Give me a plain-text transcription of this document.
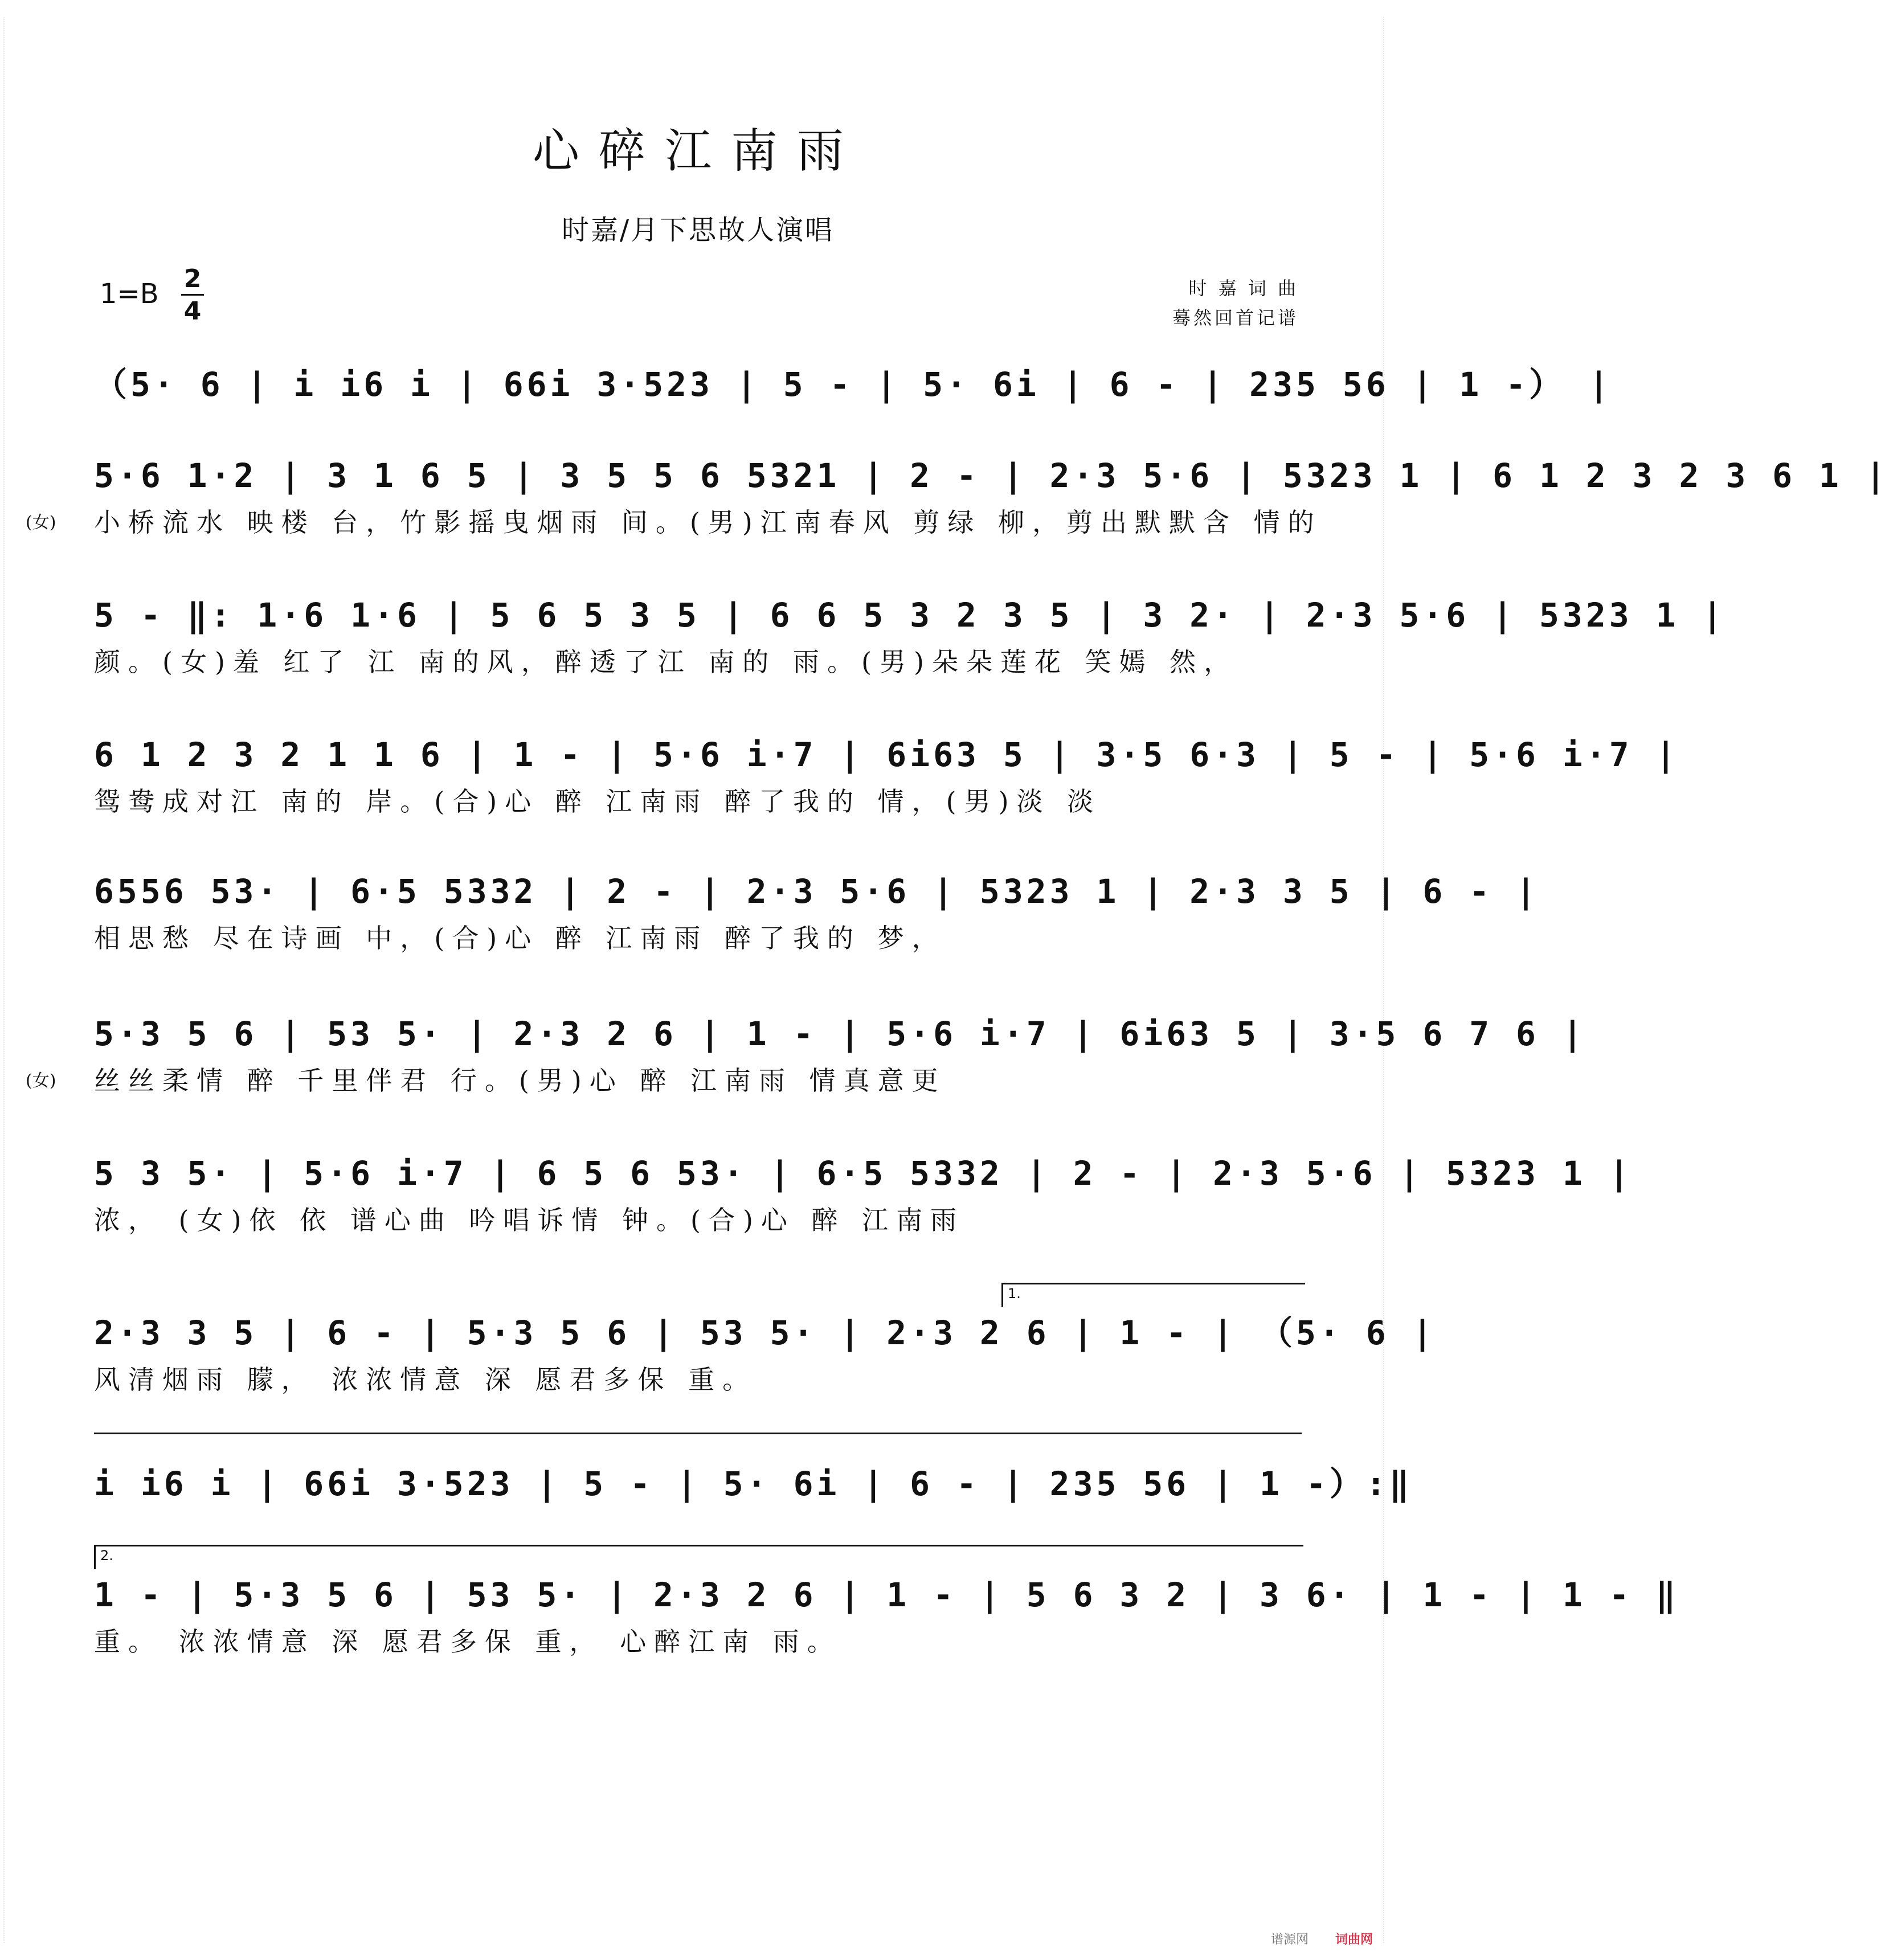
心碎江南雨
时嘉/月下思故人演唱
$1=B \frac{2}{4}$	时 嘉 词 曲
蓦然回首记谱
（5· 6 | i i6 i | 66i 3·523 | 5 - | 5· 6i | 6 - | 235 56 | 1 -） |
5·6 1·2 | 3 1 6 5 | 3 5 5 6 5321 | 2 - | 2·3 5·6 | 5323 1 | 6 1 2 3 2 3 6 1 |
(女) 小桥流水 映楼 台，竹影摇曳烟雨 间。(男)江南春风 剪绿 柳，剪出默默含 情的
5 - ‖: 1·6 1·6 | 5 6 5 3 5 | 6 6 5 3 2 3 5 | 3 2· | 2·3 5·6 | 5323 1 |
颜。(女)羞 红了 江 南的风，醉透了江 南的 雨。(男)朵朵莲花 笑嫣 然，
6 1 2 3 2 1 1 6 | 1 - | 5·6 i·7 | 6i63 5 | 3·5 6·3 | 5 - | 5·6 i·7 |
鸳鸯成对江 南的 岸。(合)心 醉 江南雨 醉了我的 情，(男)淡 淡
6556 53· | 6·5 5332 | 2 - | 2·3 5·6 | 5323 1 | 2·3 3 5 | 6 - |
相思愁 尽在诗画 中，(合)心 醉 江南雨 醉了我的 梦，
5·3 5 6 | 53 5· | 2·3 2 6 | 1 - | 5·6 i·7 | 6i63 5 | 3·5 6 7 6 |
(女) 丝丝柔情 醉 千里伴君 行。(男)心 醉 江南雨 情真意更
5 3 5· | 5·6 i·7 | 6 5 6 53· | 6·5 5332 | 2 - | 2·3 5·6 | 5323 1 |
浓， (女)依 依 谱心曲 吟唱诉情 钟。(合)心 醉 江南雨
1.
2·3 3 5 | 6 - | 5·3 5 6 | 53 5· | 2·3 2 6 | 1 - | （5· 6 |
风清烟雨 朦， 浓浓情意 深 愿君多保 重。
i i6 i | 66i 3·523 | 5 - | 5· 6i | 6 - | 235 56 | 1 -）:‖
2.
1 - | 5·3 5 6 | 53 5· | 2·3 2 6 | 1 - | 5 6 3 2 | 3 6· | 1 - | 1 - ‖
重。 浓浓情意 深 愿君多保 重， 心醉江南 雨。
谱源网 词曲网
